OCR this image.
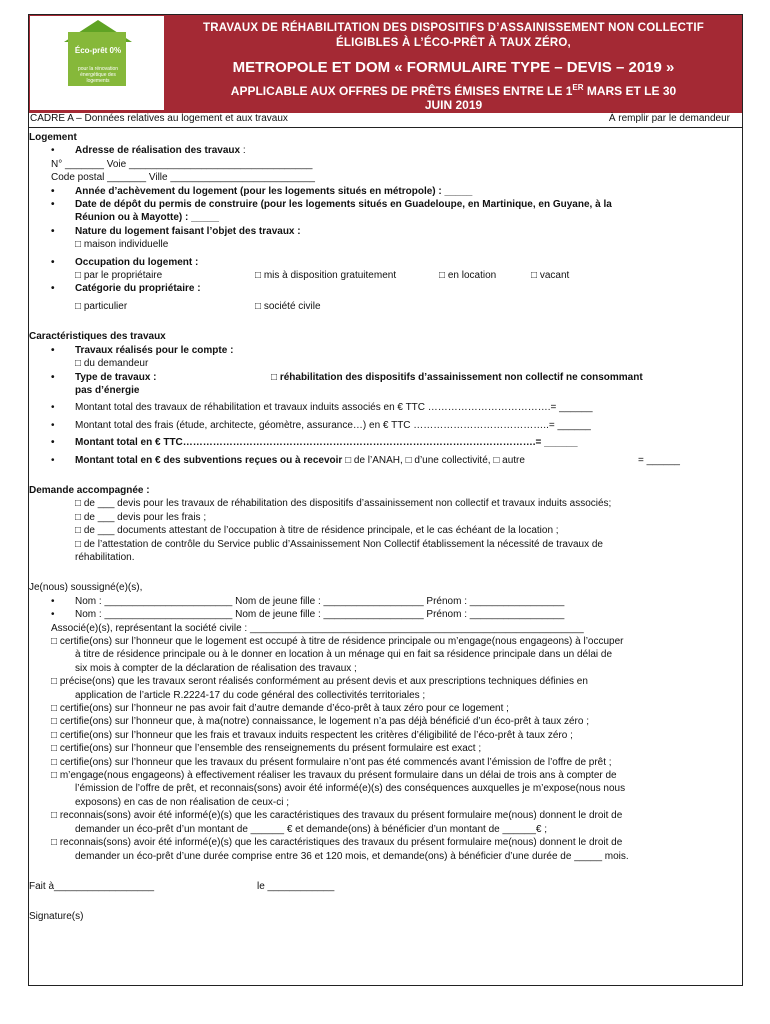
Éco-prêt 0%
pour la rénovation énergétique des logements
TRAVAUX DE RÉHABILITATION DES DISPOSITIFS D’ASSAINISSEMENT NON COLLECTIF
ÉLIGIBLES À L’ÉCO-PRÊT À TAUX ZÉRO,
METROPOLE ET DOM « FORMULAIRE TYPE – DEVIS – 2019 »
APPLICABLE AUX OFFRES DE PRÊTS ÉMISES ENTRE LE 1ER MARS ET LE 30
JUIN 2019
CADRE A – Données relatives au logement et aux travaux	À remplir par le demandeur
Logement
• Adresse de réalisation des travaux :
N° _______ Voie _________________________________
Code postal _______ Ville __________________________
• Année d’achèvement du logement (pour les logements situés en métropole) : _____
• Date de dépôt du permis de construire (pour les logements situés en Guadeloupe, en Martinique, en Guyane, à la
Réunion ou à Mayotte) : _____
• Nature du logement faisant l’objet des travaux :
□ maison individuelle
• Occupation du logement :
□ par le propriétaire	□ mis à disposition gratuitement	□ en location	□ vacant
• Catégorie du propriétaire :
□ particulier	□ société civile
Caractéristiques des travaux
• Travaux réalisés pour le compte :
□ du demandeur
• Type de travaux :	□ réhabilitation des dispositifs d’assainissement non collectif ne consommant
pas d’énergie
• Montant total des travaux de réhabilitation et travaux induits associés en € TTC ……………………………….= ______
• Montant total des frais (étude, architecte, géomètre, assurance…) en € TTC …………………………………..= ______
• Montant total en € TTC…………………………………………………………………………………………….= ______
• Montant total en € des subventions reçues ou à recevoir □ de l’ANAH, □ d’une collectivité, □ autre	= ______
Demande accompagnée :
□ de ___ devis pour les travaux de réhabilitation des dispositifs d’assainissement non collectif et travaux induits associés;
□ de ___ devis pour les frais ;
□ de ___ documents attestant de l’occupation à titre de résidence principale, et le cas échéant de la location ;
□ de l’attestation de contrôle du Service public d’Assainissement Non Collectif établissement la nécessité de travaux de
réhabilitation.
Je(nous) soussigné(e)(s),
• Nom : _______________________ Nom de jeune fille : __________________ Prénom : _________________
• Nom : _______________________ Nom de jeune fille : __________________ Prénom : _________________
Associé(e)(s), représentant la société civile : ____________________________________________________________
□ certifie(ons) sur l’honneur que le logement est occupé à titre de résidence principale ou m’engage(nous engageons) à l’occuper
à titre de résidence principale ou à le donner en location à un ménage qui en fait sa résidence principale dans un délai de
six mois à compter de la déclaration de réalisation des travaux ;
□ précise(ons) que les travaux seront réalisés conformément au présent devis et aux prescriptions techniques définies en
application de l’article R.2224-17 du code général des collectivités territoriales ;
□ certifie(ons) sur l’honneur ne pas avoir fait d’autre demande d’éco-prêt à taux zéro pour ce logement ;
□ certifie(ons) sur l’honneur que, à ma(notre) connaissance, le logement n’a pas déjà bénéficié d’un éco-prêt à taux zéro ;
□ certifie(ons) sur l’honneur que les frais et travaux induits respectent les critères d’éligibilité de l’éco-prêt à taux zéro ;
□ certifie(ons) sur l’honneur que l’ensemble des renseignements du présent formulaire est exact ;
□ certifie(ons) sur l’honneur que les travaux du présent formulaire n’ont pas été commencés avant l’émission de l’offre de prêt ;
□ m’engage(nous engageons) à effectivement réaliser les travaux du présent formulaire dans un délai de trois ans à compter de
l’émission de l’offre de prêt, et reconnais(sons) avoir été informé(e)(s) des conséquences auxquelles je m’expose(nous nous
exposons) en cas de non réalisation de ceux-ci ;
□ reconnais(sons) avoir été informé(e)(s) que les caractéristiques des travaux du présent formulaire me(nous) donnent le droit de
demander un éco-prêt d’un montant de ______ € et demande(ons) à bénéficier d’un montant de ______€ ;
□ reconnais(sons) avoir été informé(e)(s) que les caractéristiques des travaux du présent formulaire me(nous) donnent le droit de
demander un éco-prêt d’une durée comprise entre 36 et 120 mois, et demande(ons) à bénéficier d’une durée de _____ mois.
Fait à__________________	le ____________
Signature(s)
